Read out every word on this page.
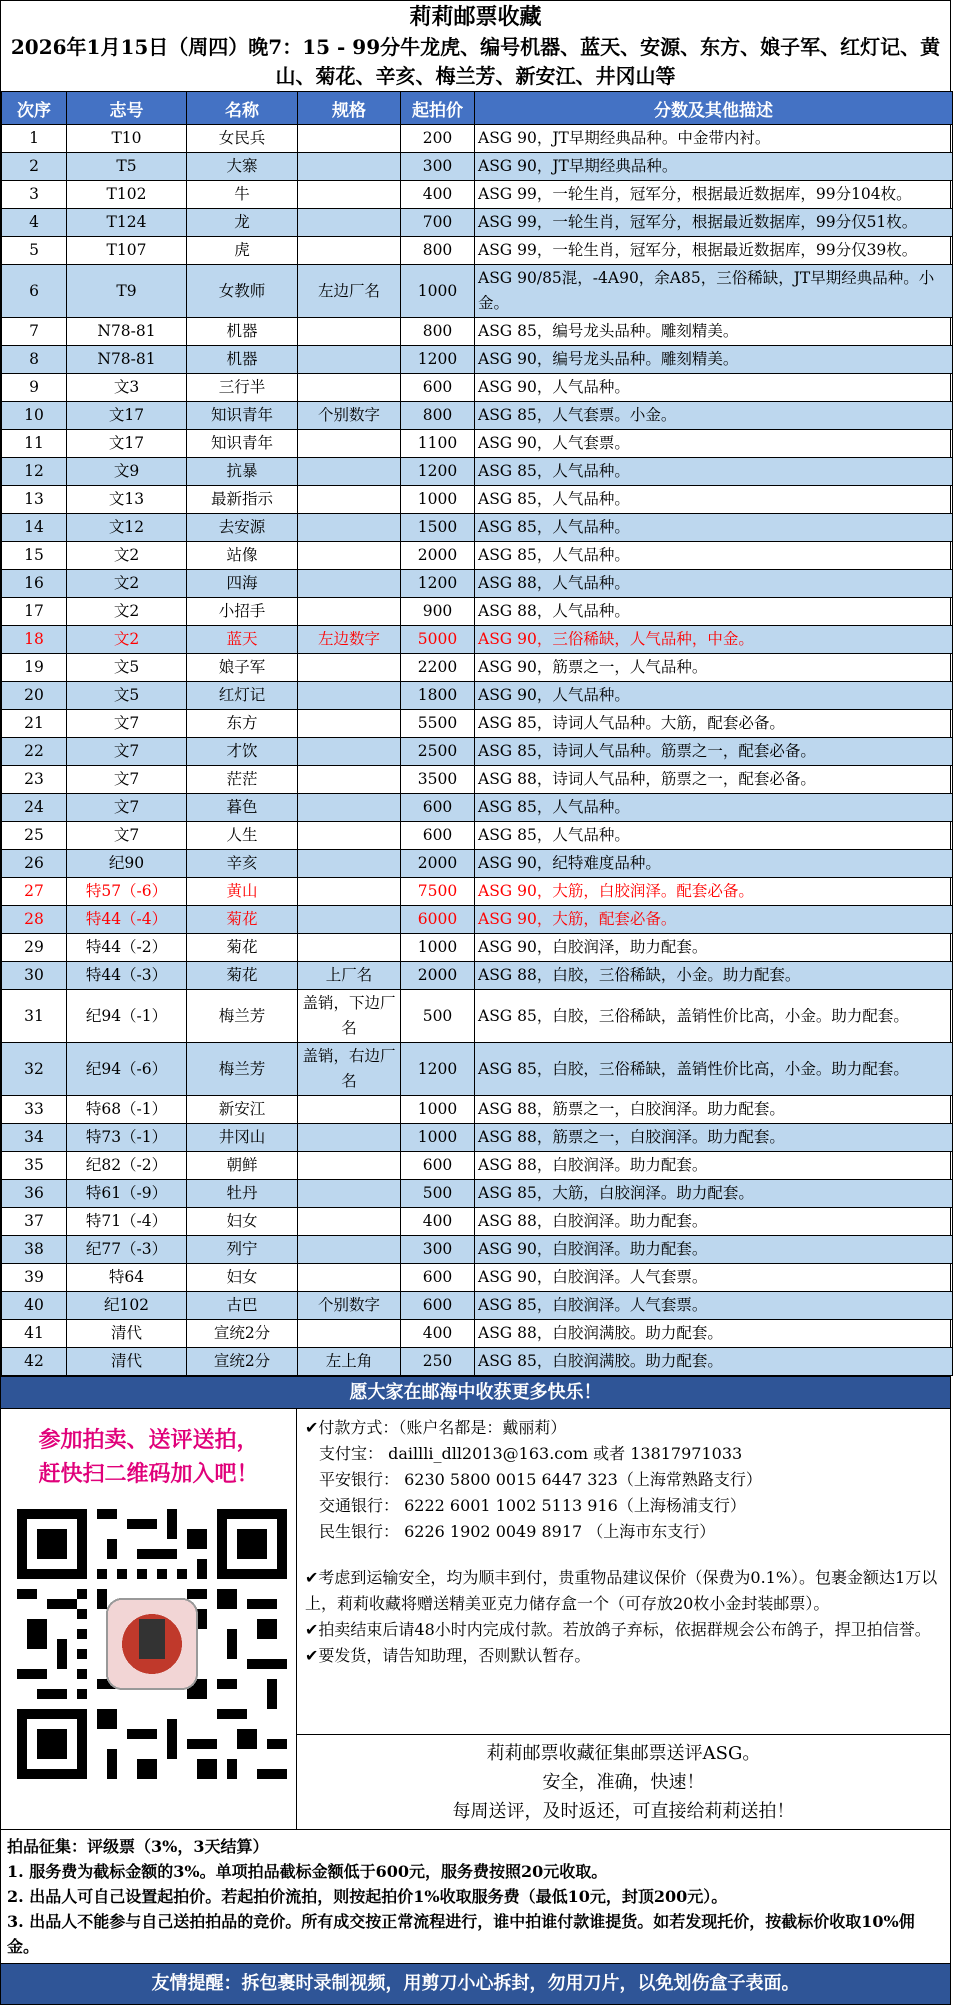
莉莉邮票收藏
2026年1月15日（周四）晚7：15 - 99分牛龙虎、编号机器、蓝天、安源、东方、娘子军、红灯记、黄山、菊花、辛亥、梅兰芳、新安江、井冈山等
次序	志号	名称	规格	起拍价	分数及其他描述
1	T10	女民兵		200	ASG 90，JT早期经典品种。中金带内衬。
2	T5	大寨		300	ASG 90，JT早期经典品种。
3	T102	牛		400	ASG 99，一轮生肖，冠军分，根据最近数据库，99分104枚。
4	T124	龙		700	ASG 99，一轮生肖，冠军分，根据最近数据库，99分仅51枚。
5	T107	虎		800	ASG 99，一轮生肖，冠军分，根据最近数据库，99分仅39枚。
6	T9	女教师	左边厂名	1000	ASG 90/85混，-4A90，余A85，三俗稀缺，JT早期经典品种。小金。
7	N78-81	机器		800	ASG 85，编号龙头品种。雕刻精美。
8	N78-81	机器		1200	ASG 90，编号龙头品种。雕刻精美。
9	文3	三行半		600	ASG 90，人气品种。
10	文17	知识青年	个别数字	800	ASG 85，人气套票。小金。
11	文17	知识青年		1100	ASG 90，人气套票。
12	文9	抗暴		1200	ASG 85，人气品种。
13	文13	最新指示		1000	ASG 85，人气品种。
14	文12	去安源		1500	ASG 85，人气品种。
15	文2	站像		2000	ASG 85，人气品种。
16	文2	四海		1200	ASG 88，人气品种。
17	文2	小招手		900	ASG 88，人气品种。
18	文2	蓝天	左边数字	5000	ASG 90，三俗稀缺，人气品种，中金。
19	文5	娘子军		2200	ASG 90，筋票之一，人气品种。
20	文5	红灯记		1800	ASG 90，人气品种。
21	文7	东方		5500	ASG 85，诗词人气品种。大筋，配套必备。
22	文7	才饮		2500	ASG 85，诗词人气品种。筋票之一，配套必备。
23	文7	茫茫		3500	ASG 88，诗词人气品种，筋票之一，配套必备。
24	文7	暮色		600	ASG 85，人气品种。
25	文7	人生		600	ASG 85，人气品种。
26	纪90	辛亥		2000	ASG 90，纪特难度品种。
27	特57（-6）	黄山		7500	ASG 90，大筋，白胶润泽。配套必备。
28	特44（-4）	菊花		6000	ASG 90，大筋，配套必备。
29	特44（-2）	菊花		1000	ASG 90，白胶润泽，助力配套。
30	特44（-3）	菊花	上厂名	2000	ASG 88，白胶，三俗稀缺，小金。助力配套。
31	纪94（-1）	梅兰芳	盖销，下边厂名	500	ASG 85，白胶，三俗稀缺，盖销性价比高，小金。助力配套。
32	纪94（-6）	梅兰芳	盖销，右边厂名	1200	ASG 85，白胶，三俗稀缺，盖销性价比高，小金。助力配套。
33	特68（-1）	新安江		1000	ASG 88，筋票之一，白胶润泽。助力配套。
34	特73（-1）	井冈山		1000	ASG 88，筋票之一，白胶润泽。助力配套。
35	纪82（-2）	朝鲜		600	ASG 88，白胶润泽。助力配套。
36	特61（-9）	牡丹		500	ASG 85，大筋，白胶润泽。助力配套。
37	特71（-4）	妇女		400	ASG 88，白胶润泽。助力配套。
38	纪77（-3）	列宁		300	ASG 90，白胶润泽。助力配套。
39	特64	妇女		600	ASG 90，白胶润泽。人气套票。
40	纪102	古巴	个别数字	600	ASG 85，白胶润泽。人气套票。
41	清代	宣统2分		400	ASG 88，白胶润满胶。助力配套。
42	清代	宣统2分	左上角	250	ASG 85，白胶润满胶。助力配套。
愿大家在邮海中收获更多快乐！
参加拍卖、送评送拍，
赶快扫二维码加入吧！
✔付款方式：（账户名都是：戴丽莉）
支付宝： daillli_dll2013@163.com 或者 13817971033
平安银行： 6230 5800 0015 6447 323（上海常熟路支行）
交通银行： 6222 6001 1002 5113 916（上海杨浦支行）
民生银行： 6226 1902 0049 8917 （上海市东支行）
✔考虑到运输安全，均为顺丰到付，贵重物品建议保价（保费为0.1%）。包裹金额达1万以上，莉莉收藏将赠送精美亚克力储存盒一个（可存放20枚小金封装邮票）。
✔拍卖结束后请48小时内完成付款。若放鸽子弃标，依据群规会公布鸽子，捍卫拍信誉。
✔要发货，请告知助理，否则默认暂存。
莉莉邮票收藏征集邮票送评ASG。
安全，准确，快速！
每周送评，及时返还，可直接给莉莉送拍！
拍品征集：评级票（3%，3天结算）
1. 服务费为截标金额的3%。单项拍品截标金额低于600元，服务费按照20元收取。
2. 出品人可自己设置起拍价。若起拍价流拍，则按起拍价1%收取服务费（最低10元，封顶200元）。
3. 出品人不能参与自己送拍拍品的竞价。所有成交按正常流程进行，谁中拍谁付款谁提货。如若发现托价，按截标价收取10%佣金。
友情提醒：拆包裹时录制视频，用剪刀小心拆封，勿用刀片，以免划伤盒子表面。
